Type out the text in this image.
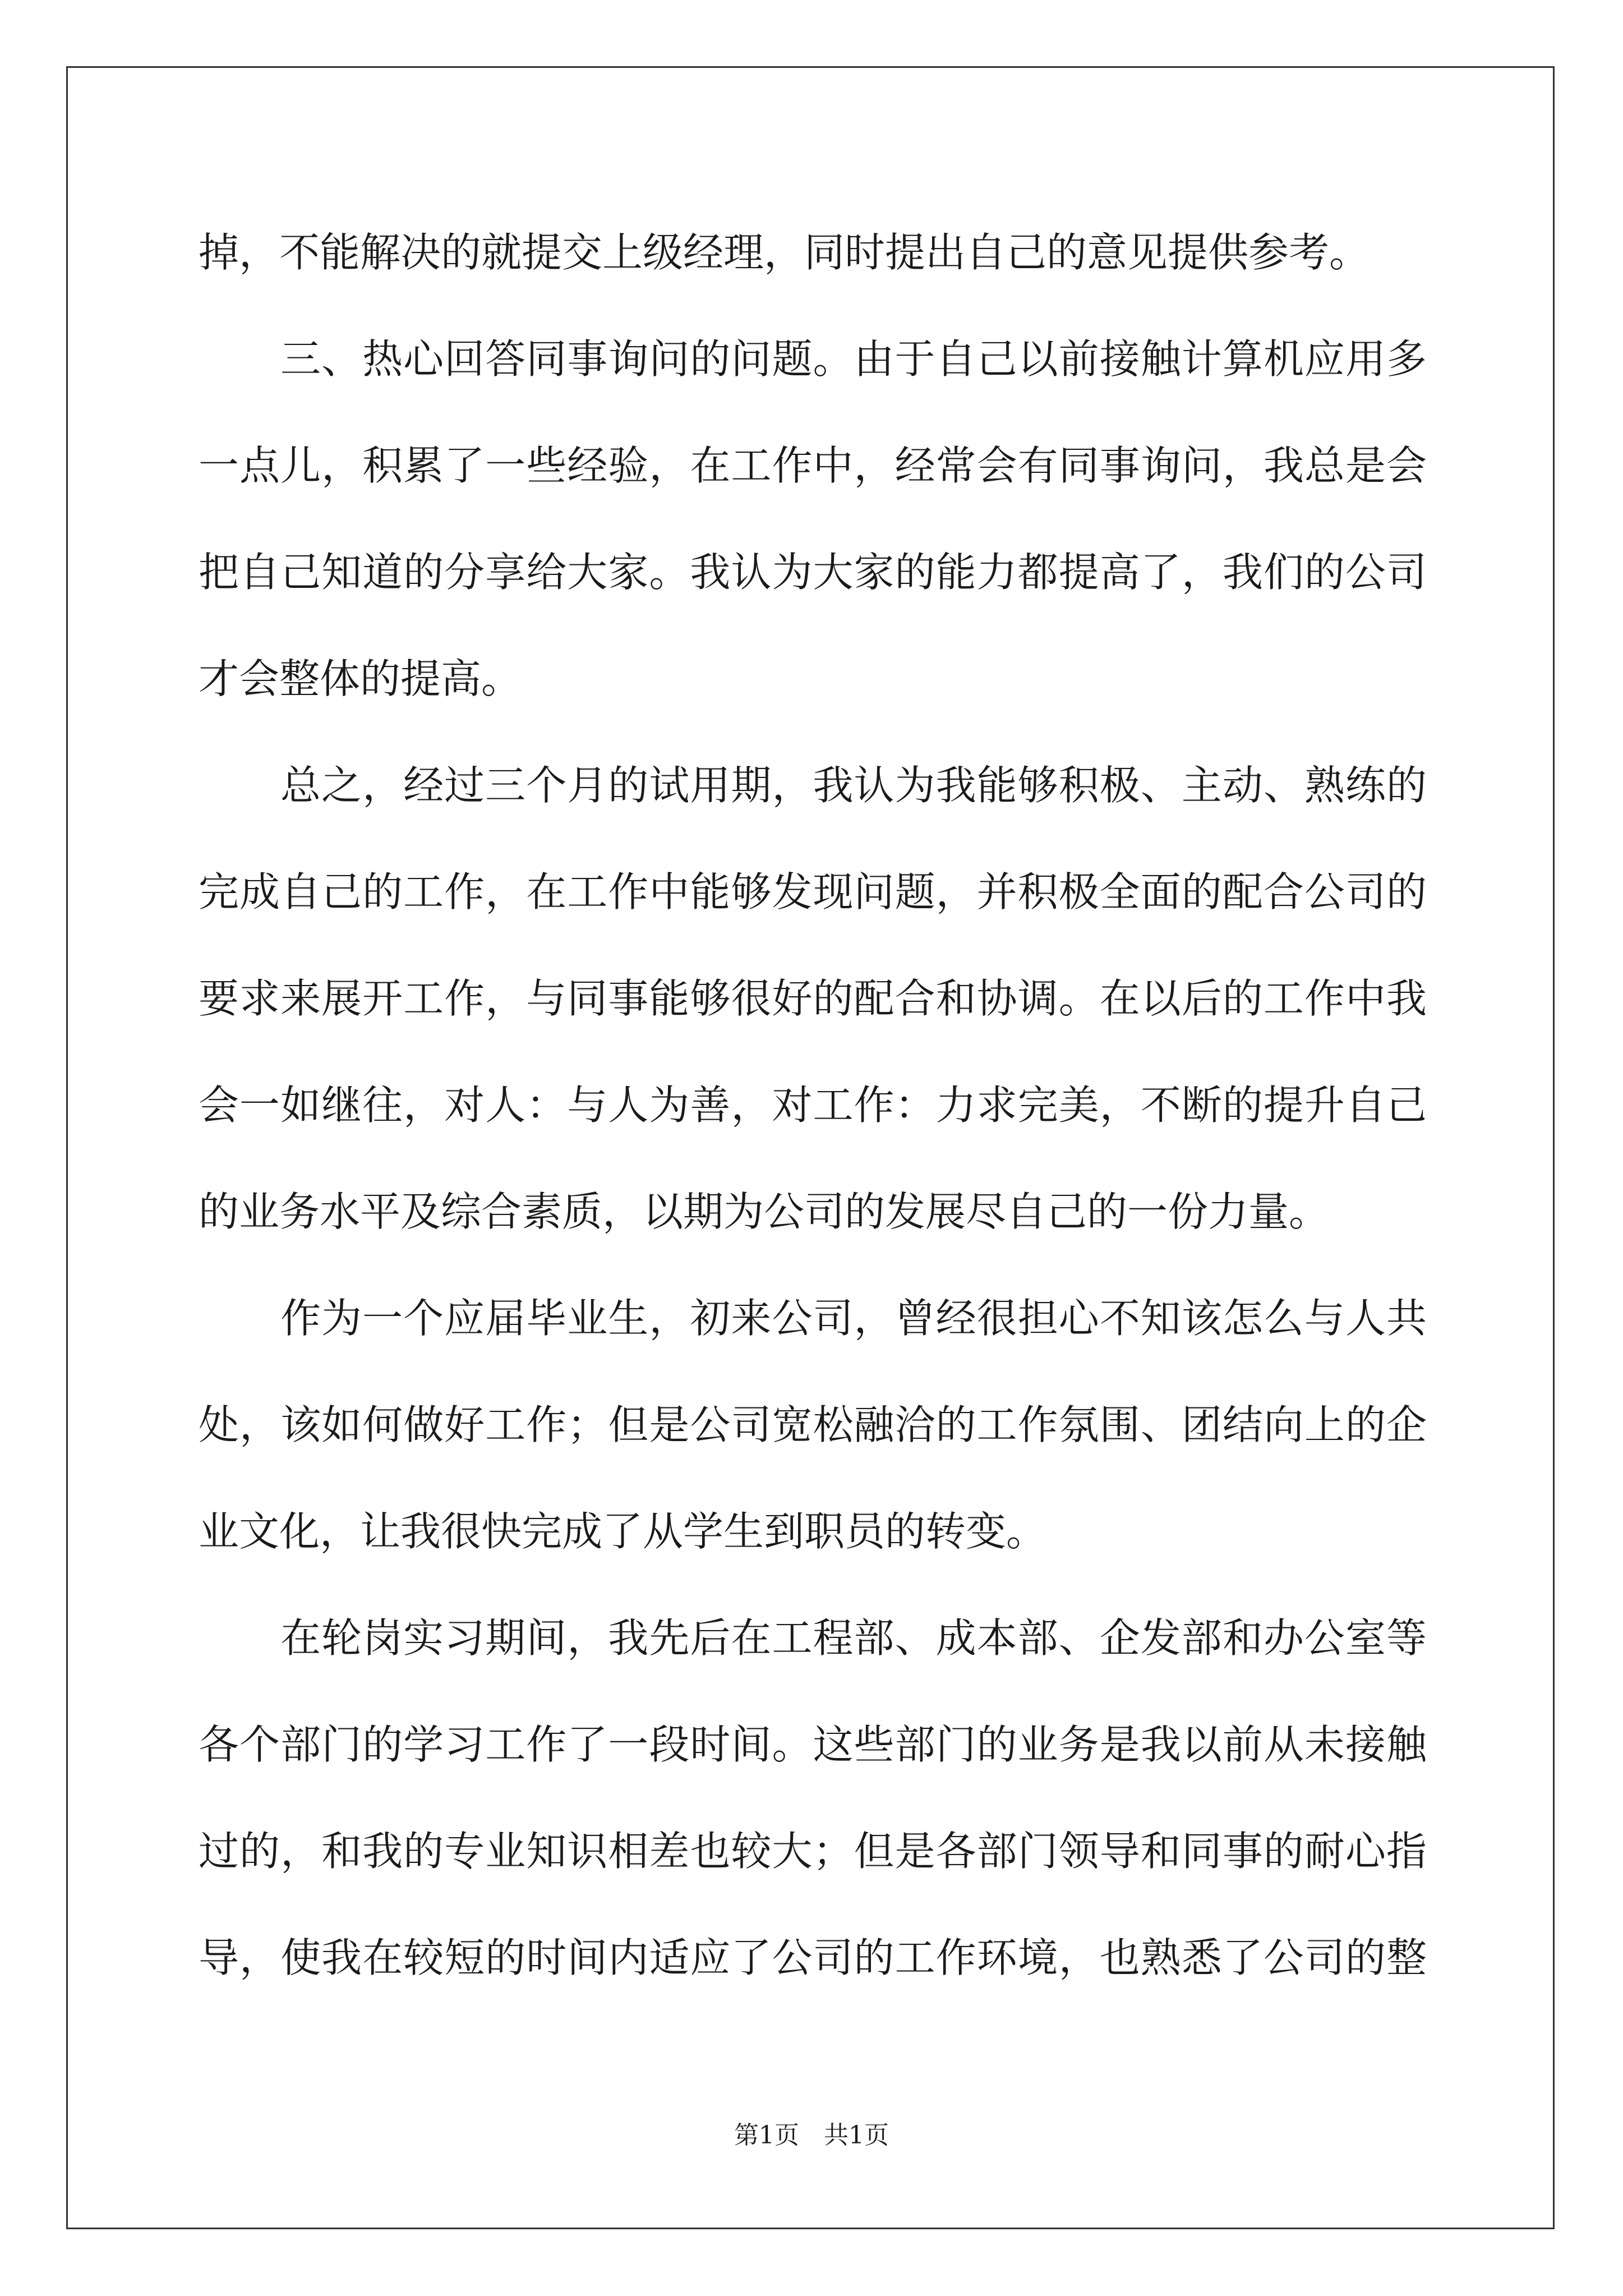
掉，不能解决的就提交上级经理，同时提出自己的意见提供参考。
三、热心回答同事询问的问题。由于自己以前接触计算机应用多
一点儿，积累了一些经验，在工作中，经常会有同事询问，我总是会
把自己知道的分享给大家。我认为大家的能力都提高了，我们的公司
才会整体的提高。
总之，经过三个月的试用期，我认为我能够积极、主动、熟练的
完成自己的工作，在工作中能够发现问题，并积极全面的配合公司的
要求来展开工作，与同事能够很好的配合和协调。在以后的工作中我
会一如继往，对人：与人为善，对工作：力求完美，不断的提升自己
的业务水平及综合素质，以期为公司的发展尽自己的一份力量。
作为一个应届毕业生，初来公司，曾经很担心不知该怎么与人共
处，该如何做好工作；但是公司宽松融洽的工作氛围、团结向上的企
业文化，让我很快完成了从学生到职员的转变。
在轮岗实习期间，我先后在工程部、成本部、企发部和办公室等
各个部门的学习工作了一段时间。这些部门的业务是我以前从未接触
过的，和我的专业知识相差也较大；但是各部门领导和同事的耐心指
导，使我在较短的时间内适应了公司的工作环境，也熟悉了公司的整
第1页　共1页
